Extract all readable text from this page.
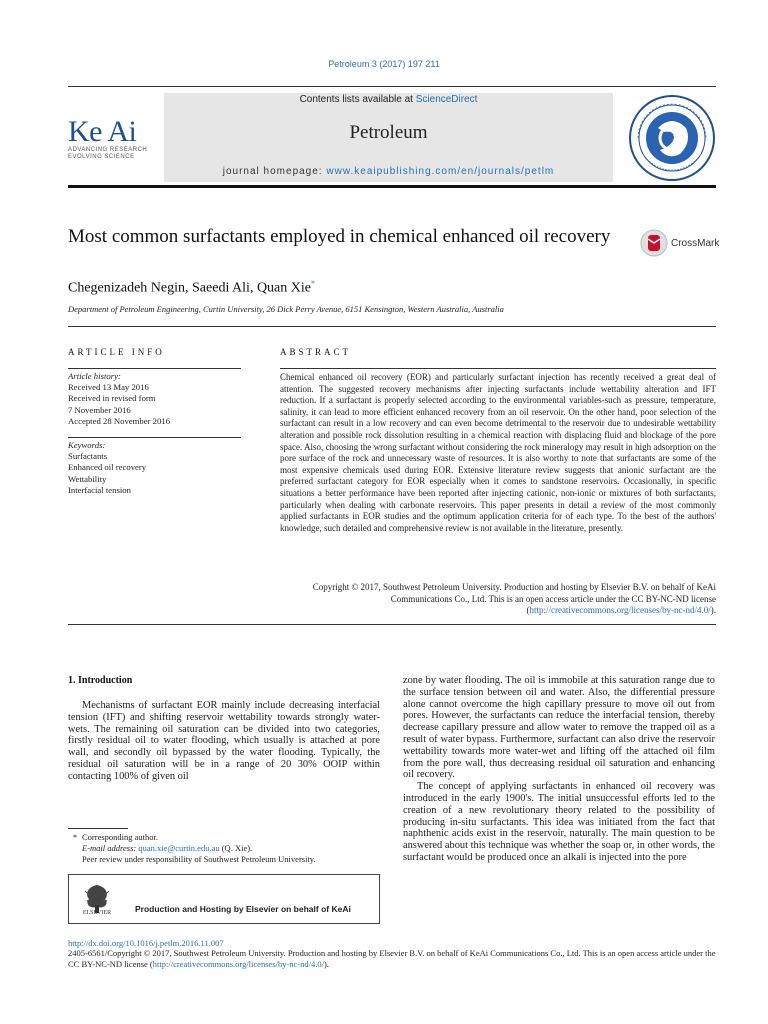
Petroleum 3 (2017) 197 211
Ke Ai
ADVANCING RESEARCH
EVOLVING SCIENCE
Contents lists available at ScienceDirect
Petroleum
journal homepage: www.keaipublishing.com/en/journals/petlm
Most common surfactants employed in chemical enhanced oil recovery	CrossMark
Chegenizadeh Negin, Saeedi Ali, Quan Xie*
Department of Petroleum Engineering, Curtin University, 26 Dick Perry Avenue, 6151 Kensington, Western Australia, Australia
ARTICLE INFO	ABSTRACT
Article history:
Received 13 May 2016
Received in revised form
7 November 2016
Accepted 28 November 2016
Keywords:
Surfactants
Enhanced oil recovery
Wettability
Interfacial tension
Chemical enhanced oil recovery (EOR) and particularly surfactant injection has recently received a great deal of attention. The suggested recovery mechanisms after injecting surfactants include wettability alteration and IFT reduction. If a surfactant is properly selected according to the environmental variables-such as pressure, temperature, salinity, it can lead to more efficient enhanced recovery from an oil reservoir. On the other hand, poor selection of the surfactant can result in a low recovery and can even become detrimental to the reservoir due to undesirable wettability alteration and possible rock dissolution resulting in a chemical reaction with displacing fluid and blockage of the pore space. Also, choosing the wrong surfactant without considering the rock mineralogy may result in high adsorption on the pore surface of the rock and unnecessary waste of resources. It is also worthy to note that surfactants are some of the most expensive chemicals used during EOR. Extensive literature review suggests that anionic surfactant are the preferred surfactant category for EOR especially when it comes to sandstone reservoirs. Occasionally, in specific situations a better performance have been reported after injecting cationic, non-ionic or mixtures of both surfactants, particularly when dealing with carbonate reservoirs. This paper presents in detail a review of the most commonly applied surfactants in EOR studies and the optimum application criteria for of each type. To the best of the authors' knowledge, such detailed and comprehensive review is not available in the literature, presently.
Copyright © 2017, Southwest Petroleum University. Production and hosting by Elsevier B.V. on behalf of KeAi Communications Co., Ltd. This is an open access article under the CC BY-NC-ND license (http://creativecommons.org/licenses/by-nc-nd/4.0/).
1. Introduction

Mechanisms of surfactant EOR mainly include decreasing interfacial tension (IFT) and shifting reservoir wettability towards strongly water-wets. The remaining oil saturation can be divided into two categories, firstly residual oil to water flooding, which usually is attached at pore wall, and secondly oil bypassed by the water flooding. Typically, the residual oil saturation will be in a range of 20 30% OOIP within contacting 100% of given oil

zone by water flooding. The oil is immobile at this saturation range due to the surface tension between oil and water. Also, the differential pressure alone cannot overcome the high capillary pressure to move oil out from pores. However, the surfactants can reduce the interfacial tension, thereby decrease capillary pressure and allow water to remove the trapped oil as a result of water bypass. Furthermore, surfactant can also drive the reservoir wettability towards more water-wet and lifting off the attached oil film from the pore wall, thus decreasing residual oil saturation and enhancing oil recovery.

The concept of applying surfactants in enhanced oil recovery was introduced in the early 1900's. The initial unsuccessful efforts led to the creation of a new revolutionary theory related to the possibility of producing in-situ surfactants. This idea was initiated from the fact that naphthenic acids exist in the reservoir, naturally. The main question to be answered about this technique was whether the soap or, in other words, the surfactant would be produced once an alkali is injected into the pore

* Corresponding author.
E-mail address: quan.xie@curtin.edu.au (Q. Xie).
Peer review under responsibility of Southwest Petroleum University.
ELSEVIER	Production and Hosting by Elsevier on behalf of KeAi
http://dx.doi.org/10.1016/j.petlm.2016.11.007
2405-6561/Copyright © 2017, Southwest Petroleum University. Production and hosting by Elsevier B.V. on behalf of KeAi Communications Co., Ltd. This is an open access article under the CC BY-NC-ND license (http://creativecommons.org/licenses/by-nc-nd/4.0/).
